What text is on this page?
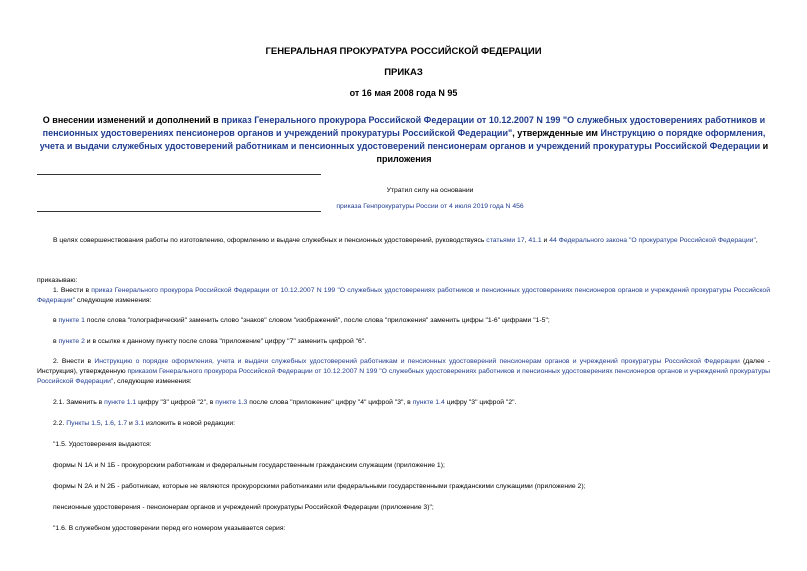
ГЕНЕРАЛЬНАЯ ПРОКУРАТУРА РОССИЙСКОЙ ФЕДЕРАЦИИ
ПРИКАЗ
от 16 мая 2008 года N 95
О внесении изменений и дополнений в приказ Генерального прокурора Российской Федерации от 10.12.2007 N 199 "О служебных удостоверениях работников и пенсионных удостоверениях пенсионеров органов и учреждений прокуратуры Российской Федерации", утвержденные им Инструкцию о порядке оформления, учета и выдачи служебных удостоверений работникам и пенсионных удостоверений пенсионерам органов и учреждений прокуратуры Российской Федерации и приложения
Утратил силу на основании
приказа Генпрокуратуры России от 4 июля 2019 года N 456
В целях совершенствования работы по изготовлению, оформлению и выдаче служебных и пенсионных удостоверений, руководствуясь статьями 17, 41.1 и 44 Федерального закона "О прокуратуре Российской Федерации",
приказываю:
1. Внести в приказ Генерального прокурора Российской Федерации от 10.12.2007 N 199 "О служебных удостоверениях работников и пенсионных удостоверениях пенсионеров органов и учреждений прокуратуры Российской Федерации" следующие изменения:
в пункте 1 после слова "голографический" заменить слово "знаков" словом "изображений", после слова "приложения" заменить цифры "1-6" цифрами "1-5";
в пункте 2 и в ссылке к данному пункту после слова "приложение" цифру "7" заменить цифрой "6".
2. Внести в Инструкцию о порядке оформления, учета и выдачи служебных удостоверений работникам и пенсионных удостоверений пенсионерам органов и учреждений прокуратуры Российской Федерации (далее - Инструкция), утвержденную приказом Генерального прокурора Российской Федерации от 10.12.2007 N 199 "О служебных удостоверениях работников и пенсионных удостоверениях пенсионеров органов и учреждений прокуратуры Российской Федерации", следующие изменения:
2.1. Заменить в пункте 1.1 цифру "3" цифрой "2", в пункте 1.3 после слова "приложение" цифру "4" цифрой "3", в пункте 1.4 цифру "3" цифрой "2".
2.2. Пункты 1.5, 1.6, 1.7 и 3.1 изложить в новой редакции:
"1.5. Удостоверения выдаются:
формы N 1А и N 1Б - прокурорским работникам и федеральным государственным гражданским служащим (приложение 1);
формы N 2А и N 2Б - работникам, которые не являются прокурорскими работниками или федеральными государственными гражданскими служащими (приложение 2);
пенсионные удостоверения - пенсионерам органов и учреждений прокуратуры Российской Федерации (приложение 3)";
"1.6. В служебном удостоверении перед его номером указывается серия:
